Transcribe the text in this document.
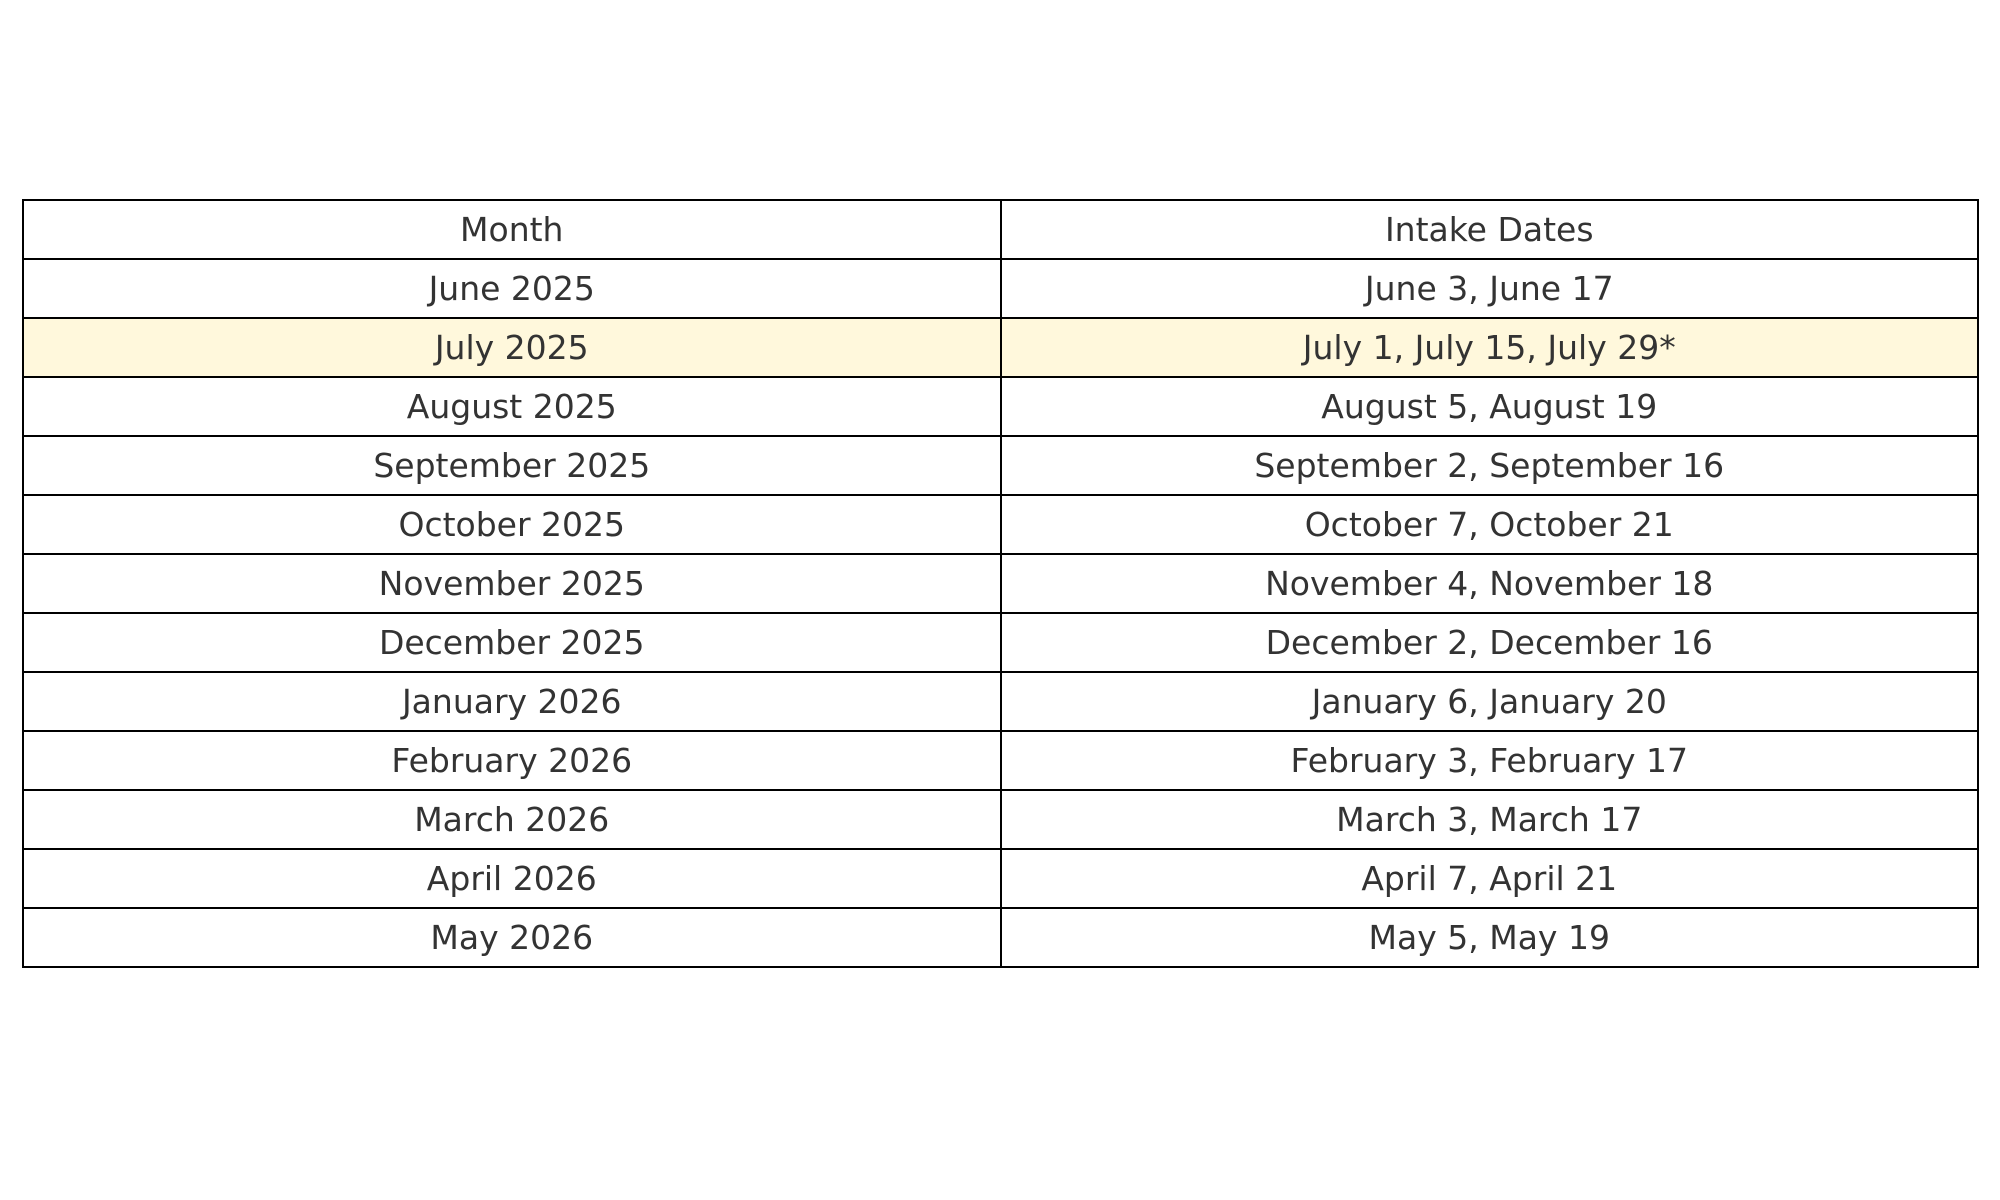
Month	Intake Dates
June 2025	June 3, June 17
July 2025	July 1, July 15, July 29*
August 2025	August 5, August 19
September 2025	September 2, September 16
October 2025	October 7, October 21
November 2025	November 4, November 18
December 2025	December 2, December 16
January 2026	January 6, January 20
February 2026	February 3, February 17
March 2026	March 3, March 17
April 2026	April 7, April 21
May 2026	May 5, May 19
